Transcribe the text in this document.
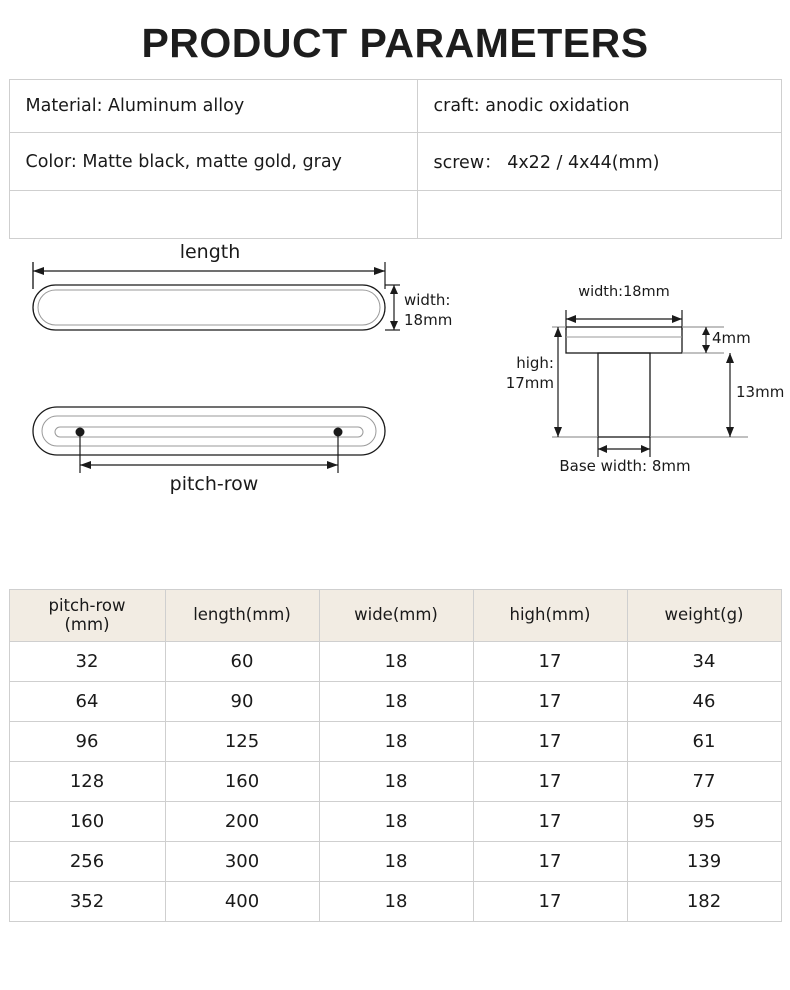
PRODUCT PARAMETERS
Material: Aluminum alloy	craft: anodic oxidation
Color: Matte black, matte gold, gray	screw： 4x22 / 4x44(mm)

length
width:
18mm
pitch-row
width:18mm
high:
17mm
4mm
13mm
Base width: 8mm
pitch-row
(mm)	length(mm)	wide(mm)	high(mm)	weight(g)
32	60	18	17	34
64	90	18	17	46
96	125	18	17	61
128	160	18	17	77
160	200	18	17	95
256	300	18	17	139
352	400	18	17	182
